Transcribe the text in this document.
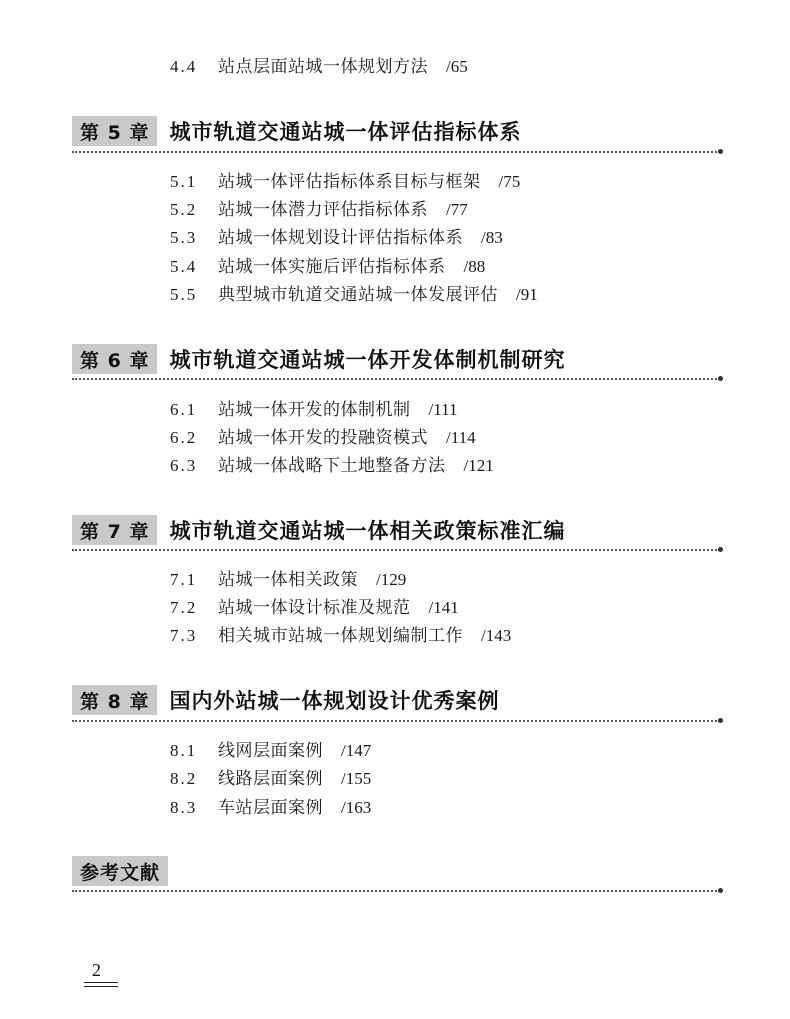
4.4	站点层面站城一体规划方法 /65
第 5 章 城市轨道交通站城一体评估指标体系
5.1	站城一体评估指标体系目标与框架 /75
5.2	站城一体潜力评估指标体系 /77
5.3	站城一体规划设计评估指标体系 /83
5.4	站城一体实施后评估指标体系 /88
5.5	典型城市轨道交通站城一体发展评估 /91
第 6 章 城市轨道交通站城一体开发体制机制研究
6.1	站城一体开发的体制机制 /111
6.2	站城一体开发的投融资模式 /114
6.3	站城一体战略下土地整备方法 /121
第 7 章 城市轨道交通站城一体相关政策标准汇编
7.1	站城一体相关政策 /129
7.2	站城一体设计标准及规范 /141
7.3	相关城市站城一体规划编制工作 /143
第 8 章 国内外站城一体规划设计优秀案例
8.1	线网层面案例 /147
8.2	线路层面案例 /155
8.3	车站层面案例 /163
参考文献
2
